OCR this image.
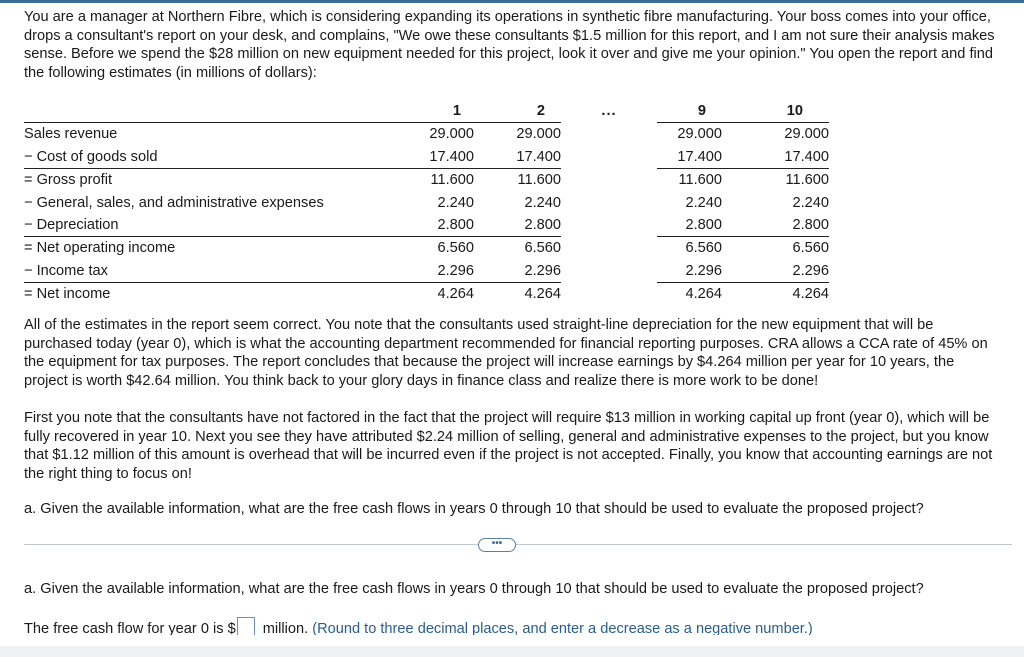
You are a manager at Northern Fibre, which is considering expanding its operations in synthetic fibre manufacturing. Your boss comes into your office, drops a consultant's report on your desk, and complains, "We owe these consultants $1.5 million for this report, and I am not sure their analysis makes sense. Before we spend the $28 million on new equipment needed for this project, look it over and give me your opinion." You open the report and find the following estimates (in millions of dollars):

	1	2	...	9	10
Sales revenue	29.000	29.000		29.000	29.000
− Cost of goods sold	17.400	17.400		17.400	17.400
= Gross profit	11.600	11.600		11.600	11.600
− General, sales, and administrative expenses	2.240	2.240		2.240	2.240
− Depreciation	2.800	2.800		2.800	2.800
= Net operating income	6.560	6.560		6.560	6.560
− Income tax	2.296	2.296		2.296	2.296
= Net income	4.264	4.264		4.264	4.264

All of the estimates in the report seem correct. You note that the consultants used straight-line depreciation for the new equipment that will be purchased today (year 0), which is what the accounting department recommended for financial reporting purposes. CRA allows a CCA rate of 45% on the equipment for tax purposes. The report concludes that because the project will increase earnings by $4.264 million per year for 10 years, the project is worth $42.64 million. You think back to your glory days in finance class and realize there is more work to be done!

First you note that the consultants have not factored in the fact that the project will require $13 million in working capital up front (year 0), which will be fully recovered in year 10. Next you see they have attributed $2.24 million of selling, general and administrative expenses to the project, but you know that $1.12 million of this amount is overhead that will be incurred even if the project is not accepted. Finally, you know that accounting earnings are not the right thing to focus on!

a. Given the available information, what are the free cash flows in years 0 through 10 that should be used to evaluate the proposed project?

•••

a. Given the available information, what are the free cash flows in years 0 through 10 that should be used to evaluate the proposed project?

The free cash flow for year 0 is $ million. (Round to three decimal places, and enter a decrease as a negative number.)
